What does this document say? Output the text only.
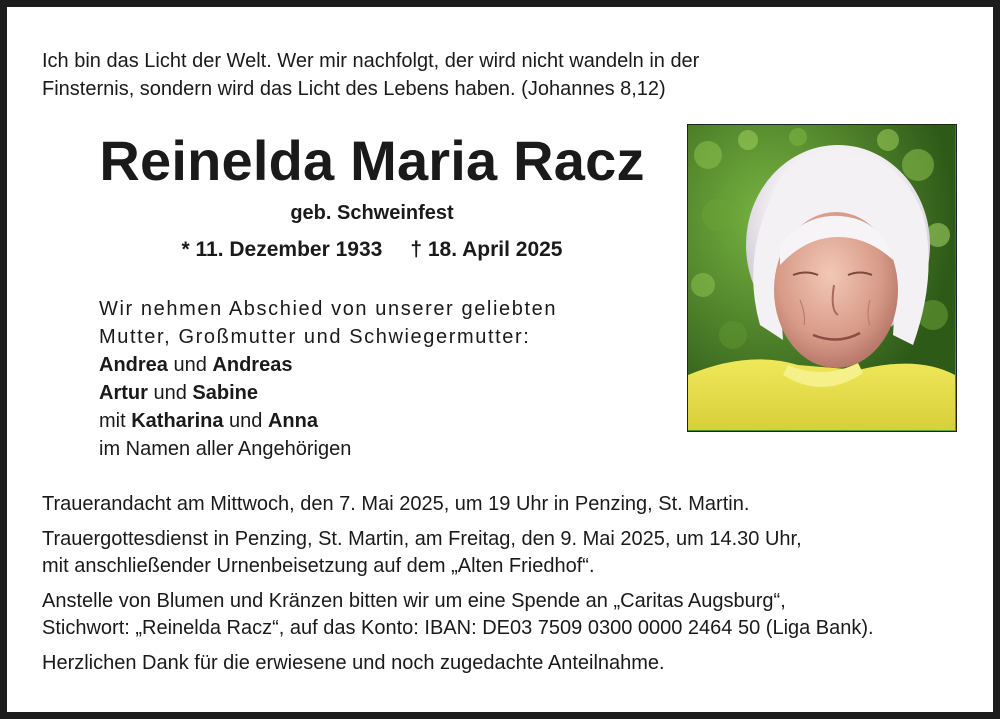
Ich bin das Licht der Welt. Wer mir nachfolgt, der wird nicht wandeln in der
Finsternis, sondern wird das Licht des Lebens haben. (Johannes 8,12)
Reinelda Maria Racz
geb. Schweinfest
* 11. Dezember 1933 † 18. April 2025
Wir nehmen Abschied von unserer geliebten
Mutter, Großmutter und Schwiegermutter:
Andrea und Andreas
Artur und Sabine
mit Katharina und Anna
im Namen aller Angehörigen

Trauerandacht am Mittwoch, den 7. Mai 2025, um 19 Uhr in Penzing, St. Martin.

Trauergottesdienst in Penzing, St. Martin, am Freitag, den 9. Mai 2025, um 14.30 Uhr,
mit anschließender Urnenbeisetzung auf dem „Alten Friedhof“.

Anstelle von Blumen und Kränzen bitten wir um eine Spende an „Caritas Augsburg“,
Stichwort: „Reinelda Racz“, auf das Konto: IBAN: DE03 7509 0300 0000 2464 50 (Liga Bank).

Herzlichen Dank für die erwiesene und noch zugedachte Anteilnahme.
